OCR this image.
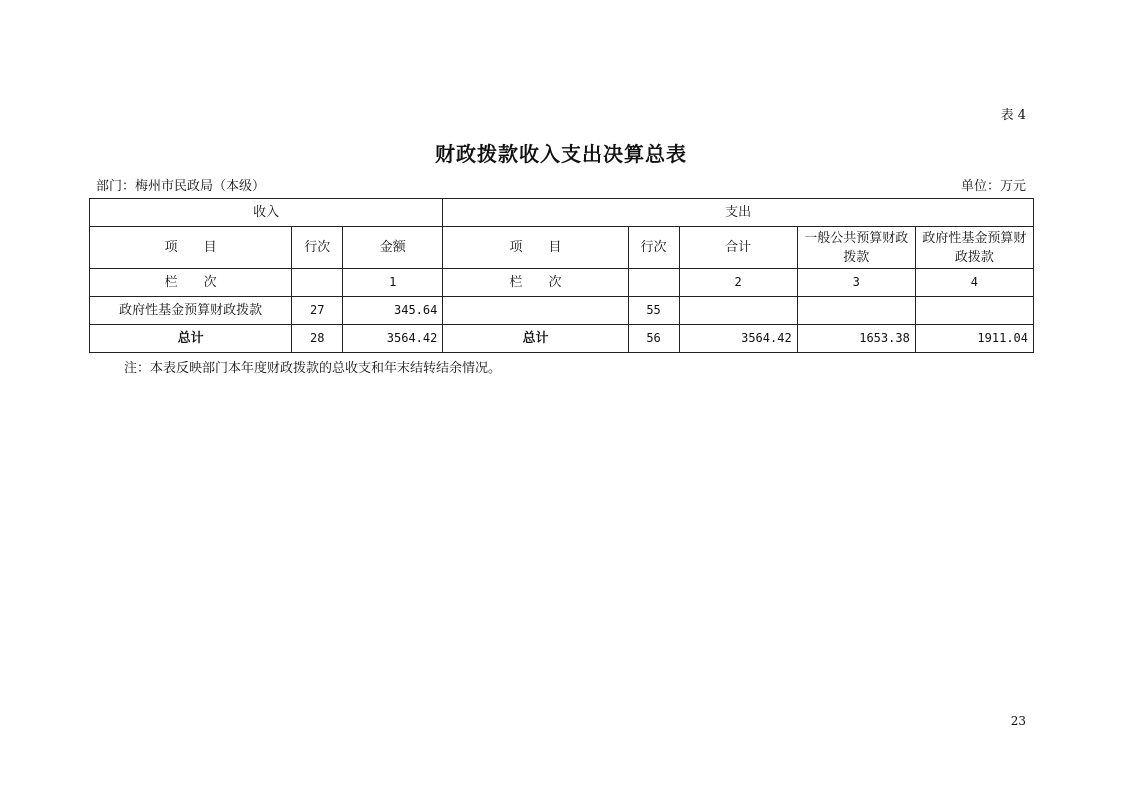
表 4
财政拨款收入支出决算总表
部门：梅州市民政局（本级）	单位：万元
收入			支出				
项　　目	行次	金额	项　　目	行次	合计	一般公共预算财政拨款	政府性基金预算财政拨款
栏　　次		1	栏　　次		2	3	4
政府性基金预算财政拨款	27	345.64		55			
总计	28	3564.42	总计	56	3564.42	1653.38	1911.04
注：本表反映部门本年度财政拨款的总收支和年末结转结余情况。
23
